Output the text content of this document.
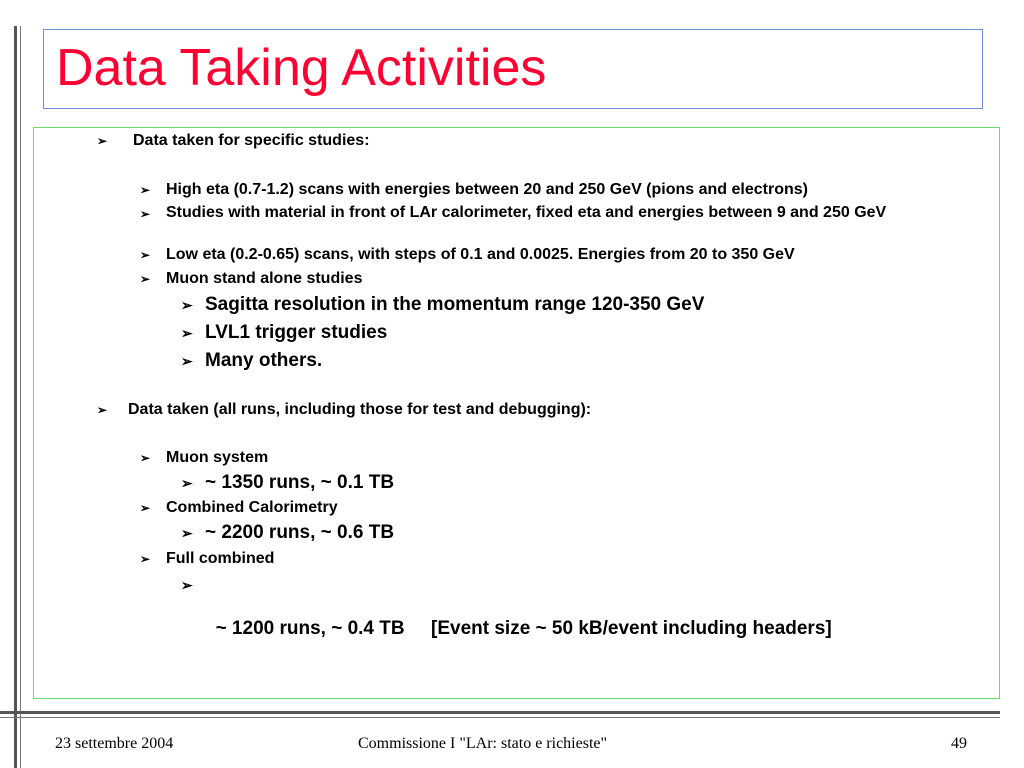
Data Taking Activities
➢ Data taken for specific studies:
➢ High eta (0.7-1.2) scans with energies between 20 and 250 GeV (pions and electrons)
➢ Studies with material in front of LAr calorimeter, fixed eta and energies between 9 and 250 GeV
➢ Low eta (0.2-0.65) scans, with steps of 0.1 and 0.0025. Energies from 20 to 350 GeV
➢ Muon stand alone studies
➢ Sagitta resolution in the momentum range 120-350 GeV
➢ LVL1 trigger studies
➢ Many others.
➢ Data taken (all runs, including those for test and debugging):
➢ Muon system
➢ ~ 1350 runs, ~ 0.1 TB
➢ Combined Calorimetry
➢ ~ 2200 runs, ~ 0.6 TB
➢ Full combined

➢

~ 1200 runs, ~ 0.4 TB     [Event size ~ 50 kB/event including headers]

23 settembre 2004	Commissione I "LAr: stato e richieste"	49
